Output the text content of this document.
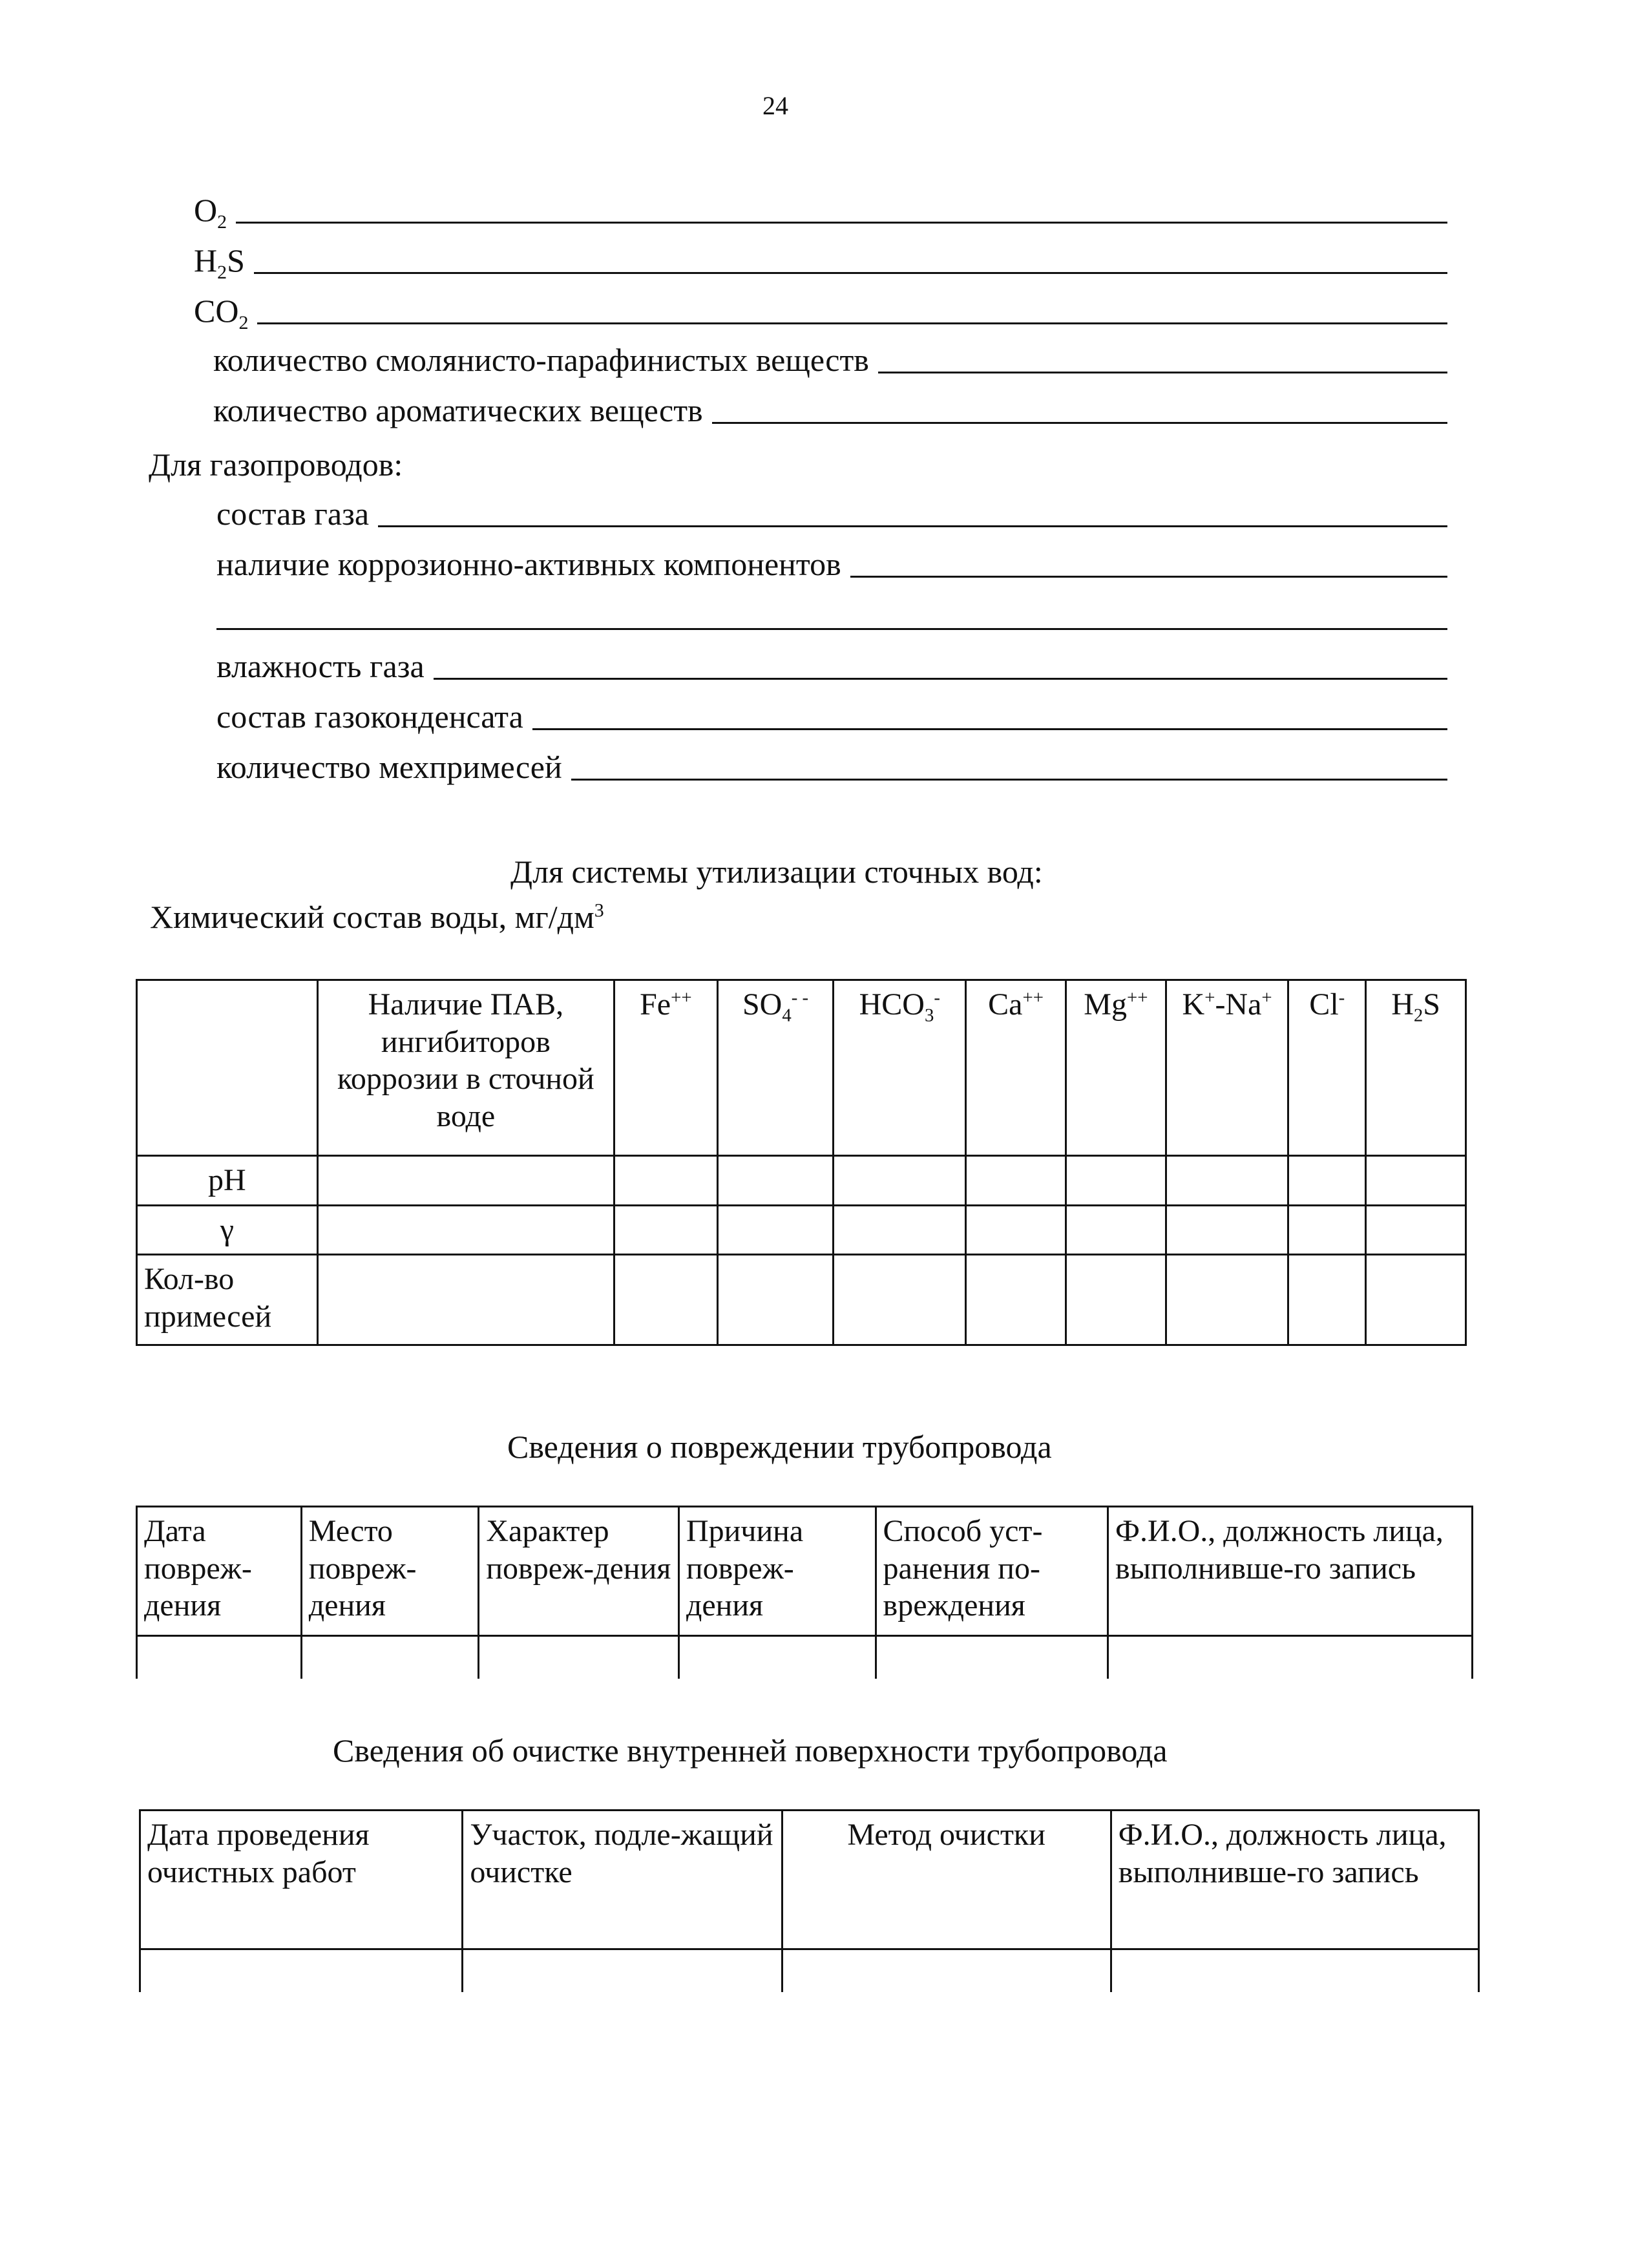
24
$O_2$
$H_2S$
$CO_2$
количество смолянисто-парафинистых веществ
количество ароматических веществ
Для газопроводов:
состав газа
наличие коррозионно-активных компонентов
влажность газа
состав газоконденсата
количество мехпримесей
Для системы утилизации сточных вод:
Химический состав воды, $мг/дм^3$
	Наличие ПАВ, ингибиторов коррозии в сточной воде	Fe++	$SO_4^{- -}$	$HCO_3^-$	Ca++	Mg++	K+-Na+	Cl-	$H_2S$
pH									
γ									
Кол-во примесей									
Сведения о повреждении трубопровода
Дата повреж-дения	Место повреж-дения	Характер повреж-дения	Причина повреж-дения	Способ уст-ранения по-вреждения	Ф.И.О., должность лица, выполнивше-го запись

Сведения об очистке внутренней поверхности трубопровода
Дата проведения очистных работ	Участок, подле-жащий очистке	Метод очистки	Ф.И.О., должность лица, выполнивше-го запись
